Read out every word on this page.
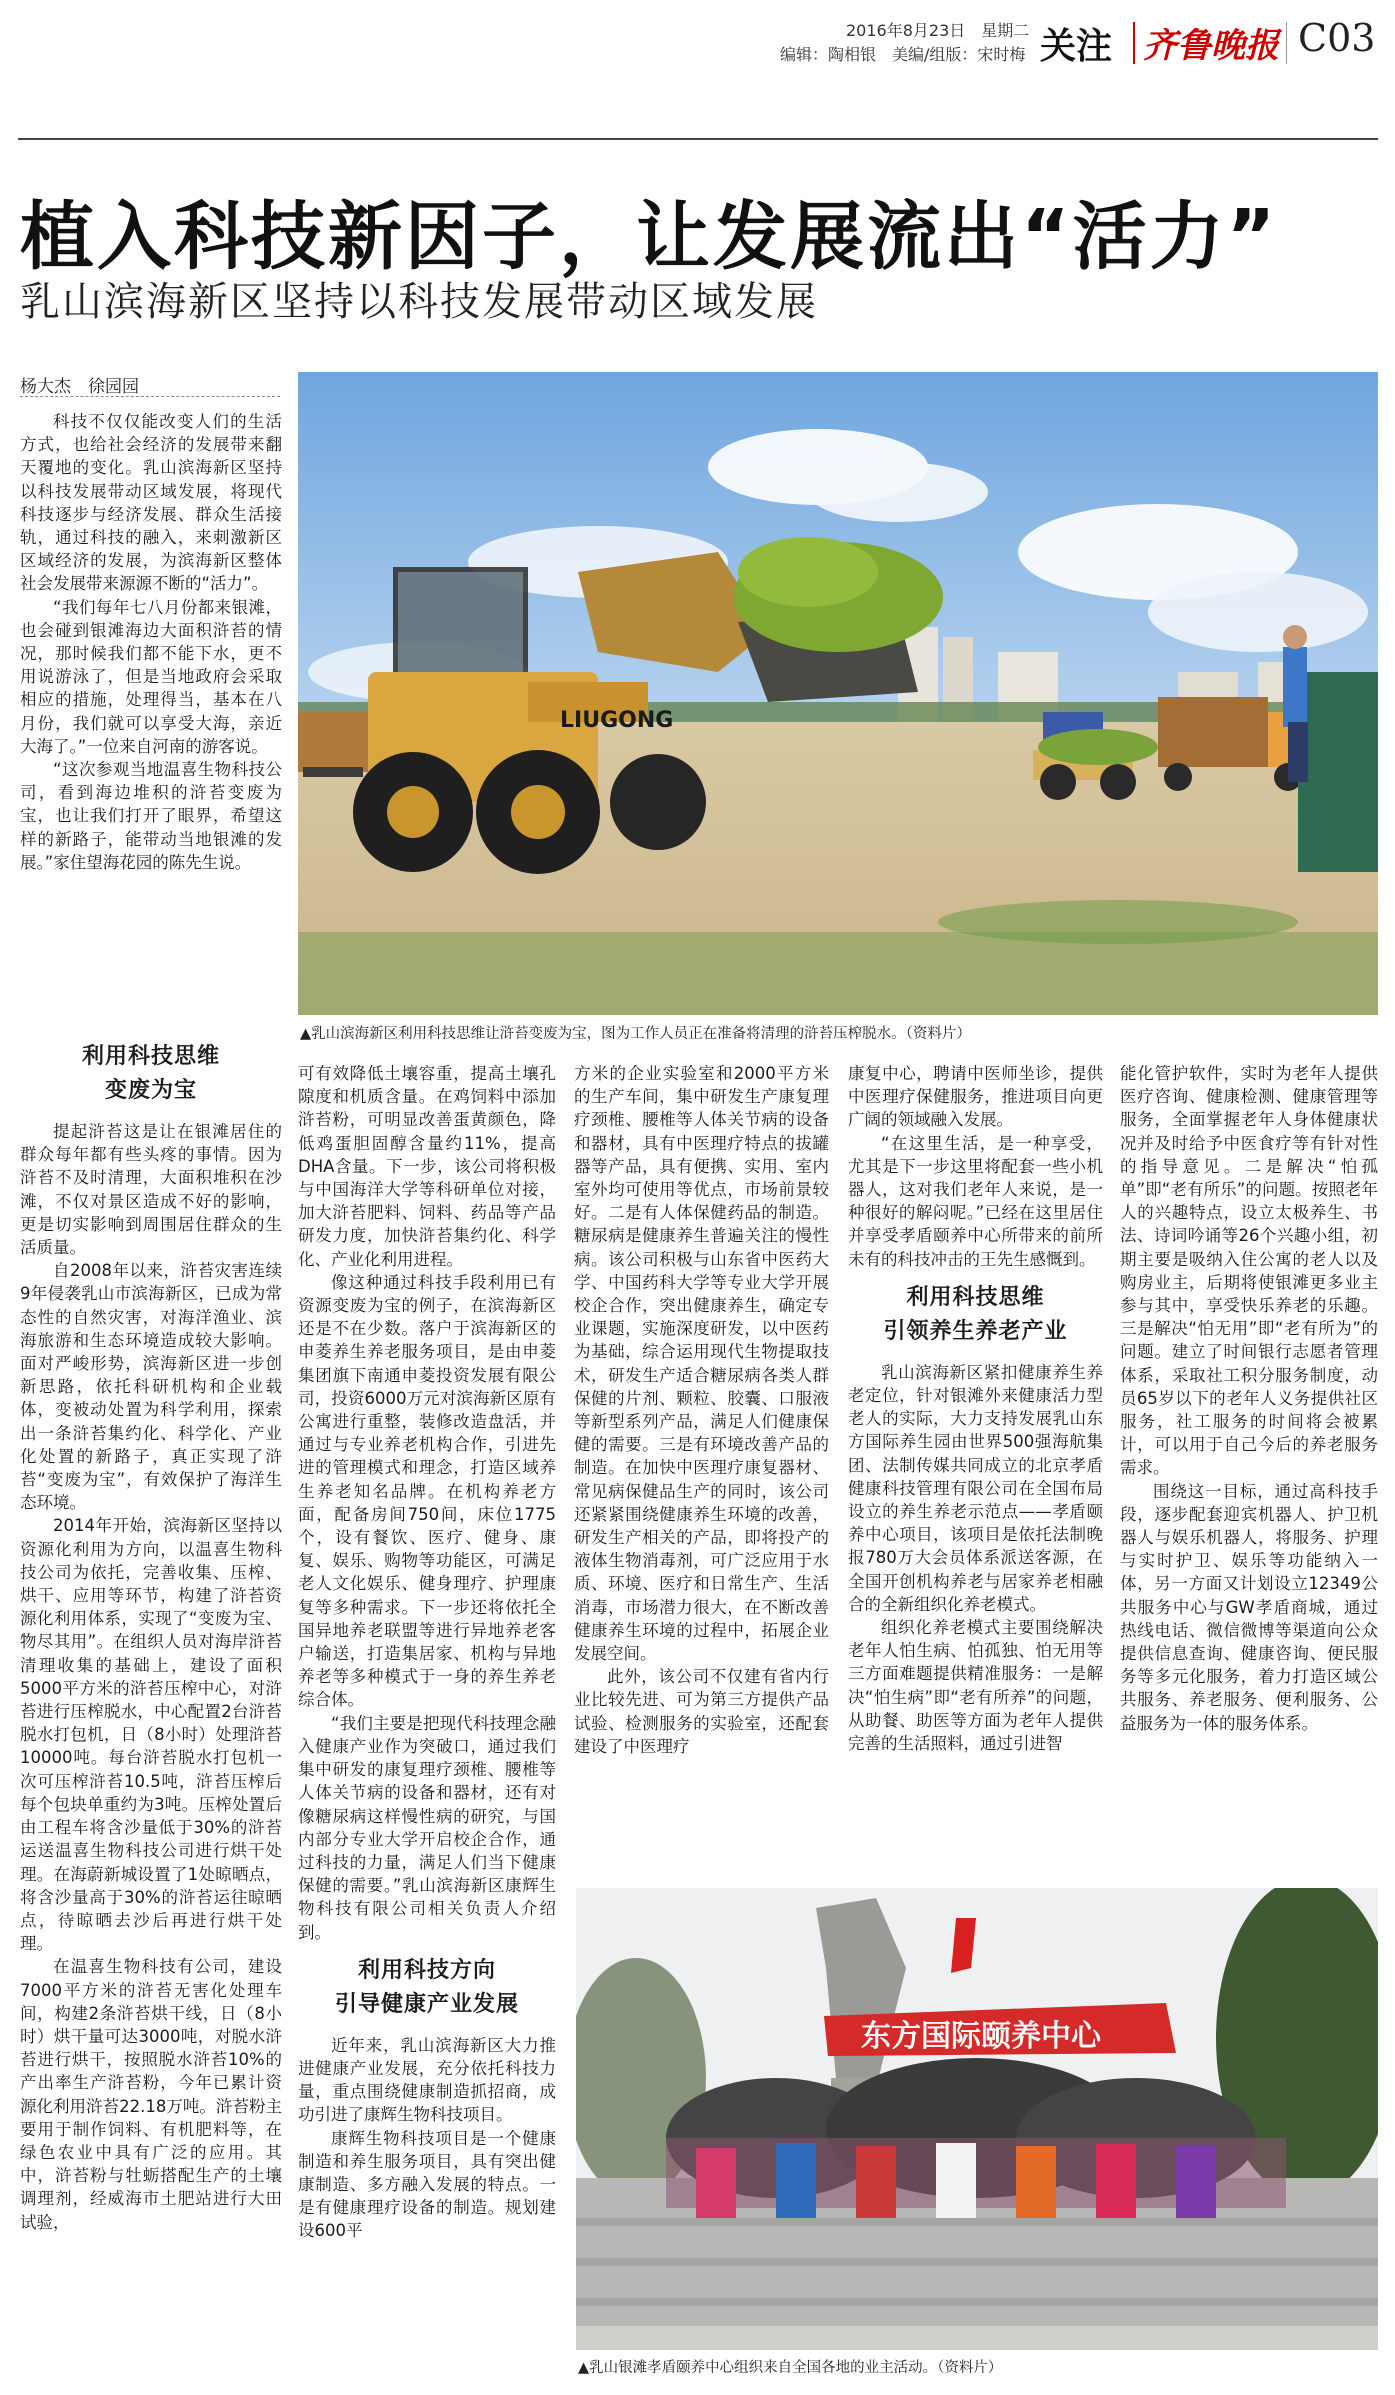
2016年8月23日　星期二
编辑：陶相银　美编/组版：宋时梅 关注 齐鲁晚报 C03
植入科技新因子，让发展流出“活力”
乳山滨海新区坚持以科技发展带动区域发展
杨大杰　徐园园

科技不仅仅能改变人们的生活方式，也给社会经济的发展带来翻天覆地的变化。乳山滨海新区坚持以科技发展带动区域发展，将现代科技逐步与经济发展、群众生活接轨，通过科技的融入，来刺激新区区域经济的发展，为滨海新区整体社会发展带来源源不断的“活力”。

“我们每年七八月份都来银滩，也会碰到银滩海边大面积浒苔的情况，那时候我们都不能下水，更不用说游泳了，但是当地政府会采取相应的措施，处理得当，基本在八月份，我们就可以享受大海，亲近大海了。”一位来自河南的游客说。

“这次参观当地温喜生物科技公司，看到海边堆积的浒苔变废为宝，也让我们打开了眼界，希望这样的新路子，能带动当地银滩的发展。”家住望海花园的陈先生说。

LIUGONG
▲乳山滨海新区利用科技思维让浒苔变废为宝，图为工作人员正在准备将清理的浒苔压榨脱水。（资料片）
利用科技思维
变废为宝

提起浒苔这是让在银滩居住的群众每年都有些头疼的事情。因为浒苔不及时清理，大面积堆积在沙滩，不仅对景区造成不好的影响，更是切实影响到周围居住群众的生活质量。

自2008年以来，浒苔灾害连续9年侵袭乳山市滨海新区，已成为常态性的自然灾害，对海洋渔业、滨海旅游和生态环境造成较大影响。面对严峻形势，滨海新区进一步创新思路，依托科研机构和企业载体，变被动处置为科学利用，探索出一条浒苔集约化、科学化、产业化处置的新路子，真正实现了浒苔“变废为宝”，有效保护了海洋生态环境。

2014年开始，滨海新区坚持以资源化利用为方向，以温喜生物科技公司为依托，完善收集、压榨、烘干、应用等环节，构建了浒苔资源化利用体系，实现了“变废为宝、物尽其用”。在组织人员对海岸浒苔清理收集的基础上，建设了面积5000平方米的浒苔压榨中心，对浒苔进行压榨脱水，中心配置2台浒苔脱水打包机，日（8小时）处理浒苔10000吨。每台浒苔脱水打包机一次可压榨浒苔10.5吨，浒苔压榨后每个包块单重约为3吨。压榨处置后由工程车将含沙量低于30%的浒苔运送温喜生物科技公司进行烘干处理。在海蔚新城设置了1处晾晒点，将含沙量高于30%的浒苔运往晾晒点，待晾晒去沙后再进行烘干处理。

在温喜生物科技有公司，建设7000平方米的浒苔无害化处理车间，构建2条浒苔烘干线，日（8小时）烘干量可达3000吨，对脱水浒苔进行烘干，按照脱水浒苔10%的产出率生产浒苔粉，今年已累计资源化利用浒苔22.18万吨。浒苔粉主要用于制作饲料、有机肥料等，在绿色农业中具有广泛的应用。其中，浒苔粉与牡蛎搭配生产的土壤调理剂，经威海市土肥站进行大田试验，

可有效降低土壤容重，提高土壤孔隙度和机质含量。在鸡饲料中添加浒苔粉，可明显改善蛋黄颜色，降低鸡蛋胆固醇含量约11%，提高DHA含量。下一步，该公司将积极与中国海洋大学等科研单位对接，加大浒苔肥料、饲料、药品等产品研发力度，加快浒苔集约化、科学化、产业化利用进程。

像这种通过科技手段利用已有资源变废为宝的例子，在滨海新区还是不在少数。落户于滨海新区的申菱养生养老服务项目，是由申菱集团旗下南通申菱投资发展有限公司，投资6000万元对滨海新区原有公寓进行重整，装修改造盘活，并通过与专业养老机构合作，引进先进的管理模式和理念，打造区域养生养老知名品牌。在机构养老方面，配备房间750间，床位1775个，设有餐饮、医疗、健身、康复、娱乐、购物等功能区，可满足老人文化娱乐、健身理疗、护理康复等多种需求。下一步还将依托全国异地养老联盟等进行异地养老客户输送，打造集居家、机构与异地养老等多种模式于一身的养生养老综合体。

“我们主要是把现代科技理念融入健康产业作为突破口，通过我们集中研发的康复理疗颈椎、腰椎等人体关节病的设备和器材，还有对像糖尿病这样慢性病的研究，与国内部分专业大学开启校企合作，通过科技的力量，满足人们当下健康保健的需要。”乳山滨海新区康辉生物科技有限公司相关负责人介绍到。

利用科技方向
引导健康产业发展

近年来，乳山滨海新区大力推进健康产业发展，充分依托科技力量，重点围绕健康制造抓招商，成功引进了康辉生物科技项目。

康辉生物科技项目是一个健康制造和养生服务项目，具有突出健康制造、多方融入发展的特点。一是有健康理疗设备的制造。规划建设600平

方米的企业实验室和2000平方米的生产车间，集中研发生产康复理疗颈椎、腰椎等人体关节病的设备和器材，具有中医理疗特点的拔罐器等产品，具有便携、实用、室内室外均可使用等优点，市场前景较好。二是有人体保健药品的制造。糖尿病是健康养生普遍关注的慢性病。该公司积极与山东省中医药大学、中国药科大学等专业大学开展校企合作，突出健康养生，确定专业课题，实施深度研发，以中医药为基础，综合运用现代生物提取技术，研发生产适合糖尿病各类人群保健的片剂、颗粒、胶囊、口服液等新型系列产品，满足人们健康保健的需要。三是有环境改善产品的制造。在加快中医理疗康复器材、常见病保健品生产的同时，该公司还紧紧围绕健康养生环境的改善，研发生产相关的产品，即将投产的液体生物消毒剂，可广泛应用于水质、环境、医疗和日常生产、生活消毒，市场潜力很大，在不断改善健康养生环境的过程中，拓展企业发展空间。

此外，该公司不仅建有省内行业比较先进、可为第三方提供产品试验、检测服务的实验室，还配套建设了中医理疗

康复中心，聘请中医师坐诊，提供中医理疗保健服务，推进项目向更广阔的领域融入发展。

“在这里生活，是一种享受，尤其是下一步这里将配套一些小机器人，这对我们老年人来说，是一种很好的解闷呢。”已经在这里居住并享受孝盾颐养中心所带来的前所未有的科技冲击的王先生感慨到。

利用科技思维
引领养生养老产业

乳山滨海新区紧扣健康养生养老定位，针对银滩外来健康活力型老人的实际，大力支持发展乳山东方国际养生园由世界500强海航集团、法制传媒共同成立的北京孝盾健康科技管理有限公司在全国布局设立的养生养老示范点——孝盾颐养中心项目，该项目是依托法制晚报780万大会员体系派送客源，在全国开创机构养老与居家养老相融合的全新组织化养老模式。

组织化养老模式主要围绕解决老年人怕生病、怕孤独、怕无用等三方面难题提供精准服务：一是解决“怕生病”即“老有所养”的问题，从助餐、助医等方面为老年人提供完善的生活照料，通过引进智

能化管护软件，实时为老年人提供医疗咨询、健康检测、健康管理等服务，全面掌握老年人身体健康状况并及时给予中医食疗等有针对性的指导意见。二是解决“怕孤单”即“老有所乐”的问题。按照老年人的兴趣特点，设立太极养生、书法、诗词吟诵等26个兴趣小组，初期主要是吸纳入住公寓的老人以及购房业主，后期将使银滩更多业主参与其中，享受快乐养老的乐趣。三是解决“怕无用”即“老有所为”的问题。建立了时间银行志愿者管理体系，采取社工积分服务制度，动员65岁以下的老年人义务提供社区服务，社工服务的时间将会被累计，可以用于自己今后的养老服务需求。

围绕这一目标，通过高科技手段，逐步配套迎宾机器人、护卫机器人与娱乐机器人，将服务、护理与实时护卫、娱乐等功能纳入一体，另一方面又计划设立12349公共服务中心与GW孝盾商城，通过热线电话、微信微博等渠道向公众提供信息查询、健康咨询、便民服务等多元化服务，着力打造区域公共服务、养老服务、便利服务、公益服务为一体的服务体系。

东方国际颐养中心
▲乳山银滩孝盾颐养中心组织来自全国各地的业主活动。（资料片）
